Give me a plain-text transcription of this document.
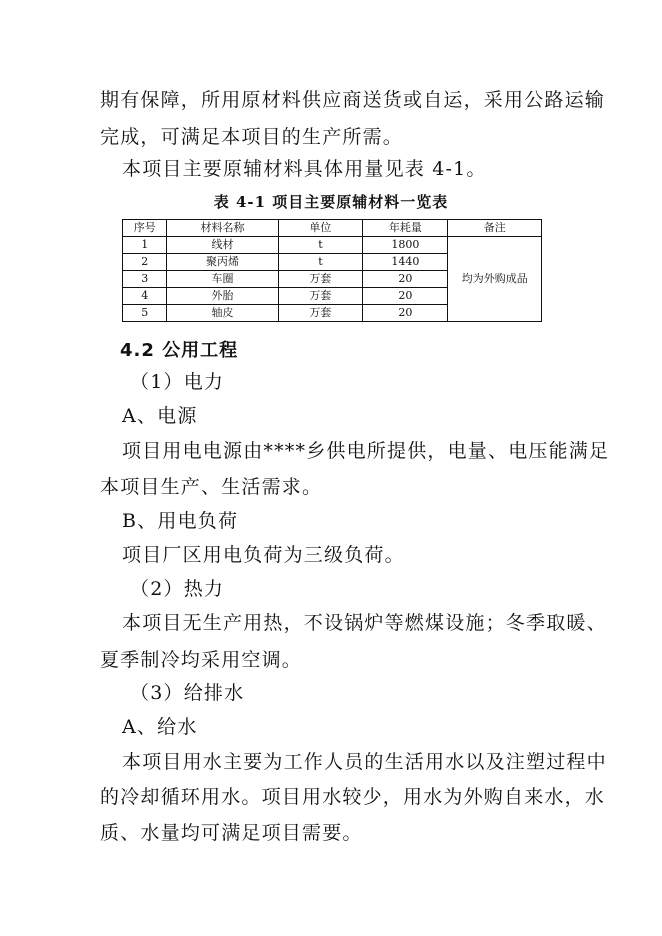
期有保障，所用原材料供应商送货或自运，采用公路运输
完成，可满足本项目的生产所需。
本项目主要原辅材料具体用量见表 4-1。
表 4-1 项目主要原辅材料一览表
序号	材料名称	单位	年耗量	备注
1	线材	t	1800	均为外购成品
2	聚丙烯	t	1440	
3	车圈	万套	20	
4	外胎	万套	20	
5	轴皮	万套	20	
4.2 公用工程
（1）电力
A、电源
项目用电电源由****乡供电所提供，电量、电压能满足
本项目生产、生活需求。
B、用电负荷
项目厂区用电负荷为三级负荷。
（2）热力
本项目无生产用热，不设锅炉等燃煤设施；冬季取暖、
夏季制冷均采用空调。
（3）给排水
A、给水
本项目用水主要为工作人员的生活用水以及注塑过程中
的冷却循环用水。项目用水较少，用水为外购自来水，水
质、水量均可满足项目需要。
